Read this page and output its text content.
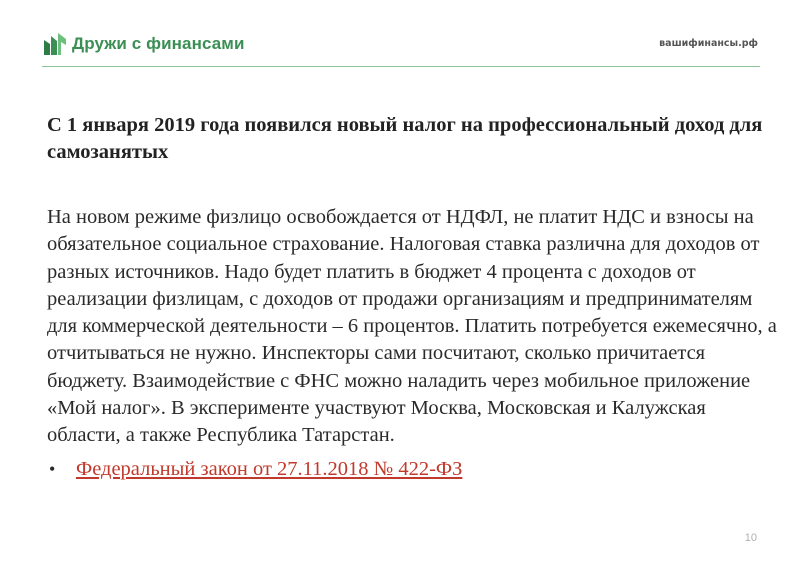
Дружи с финансами	вашифинансы.рф
С 1 января 2019 года появился новый налог на профессиональный доход для самозанятых

На новом режиме физлицо освобождается от НДФЛ, не платит НДС и взносы на обязательное социальное страхование. Налоговая ставка различна для доходов от разных источников. Надо будет платить в бюджет 4 процента с доходов от реализации физлицам, с доходов от продажи организациям и предпринимателям для коммерческой деятельности – 6 процентов. Платить потребуется ежемесячно, а отчитываться не нужно. Инспекторы сами посчитают, сколько причитается бюджету. Взаимодействие с ФНС можно наладить через мобильное приложение «Мой налог». В эксперименте участвуют Москва, Московская и Калужская области, а также Республика Татарстан.

• Федеральный закон от 27.11.2018 № 422-ФЗ
10
